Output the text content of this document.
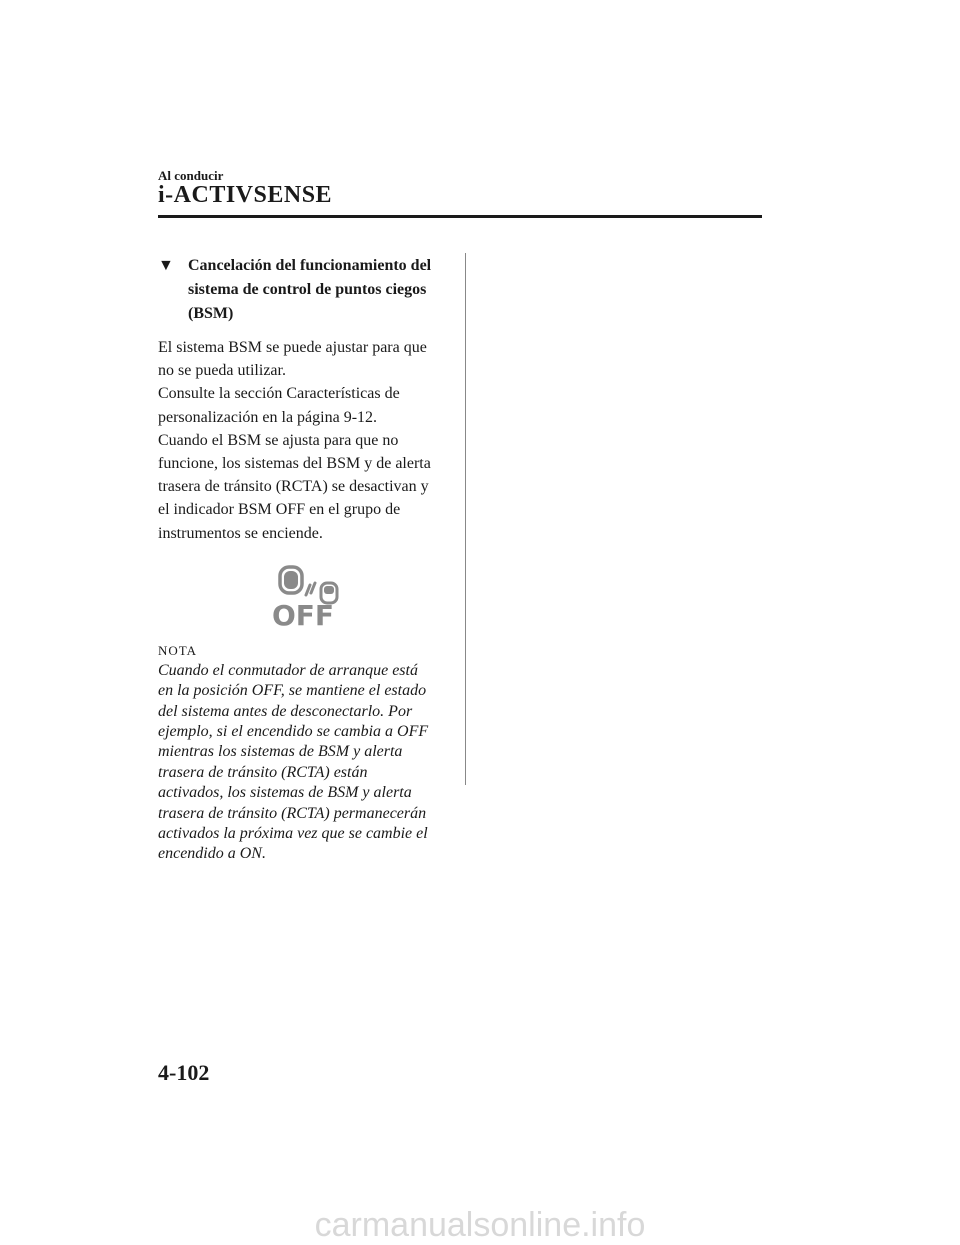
Al conducir
i-ACTIVSENSE
▼ Cancelación del funcionamiento del sistema de control de puntos ciegos (BSM)

El sistema BSM se puede ajustar para que
no se pueda utilizar.
Consulte la sección Características de
personalización en la página 9-12.
Cuando el BSM se ajusta para que no
funcione, los sistemas del BSM y de alerta
trasera de tránsito (RCTA) se desactivan y
el indicador BSM OFF en el grupo de
instrumentos se enciende.

OFF
NOTA

Cuando el conmutador de arranque está
en la posición OFF, se mantiene el estado
del sistema antes de desconectarlo. Por
ejemplo, si el encendido se cambia a OFF
mientras los sistemas de BSM y alerta
trasera de tránsito (RCTA) están
activados, los sistemas de BSM y alerta
trasera de tránsito (RCTA) permanecerán
activados la próxima vez que se cambie el
encendido a ON.

4-102
carmanualsonline.info
